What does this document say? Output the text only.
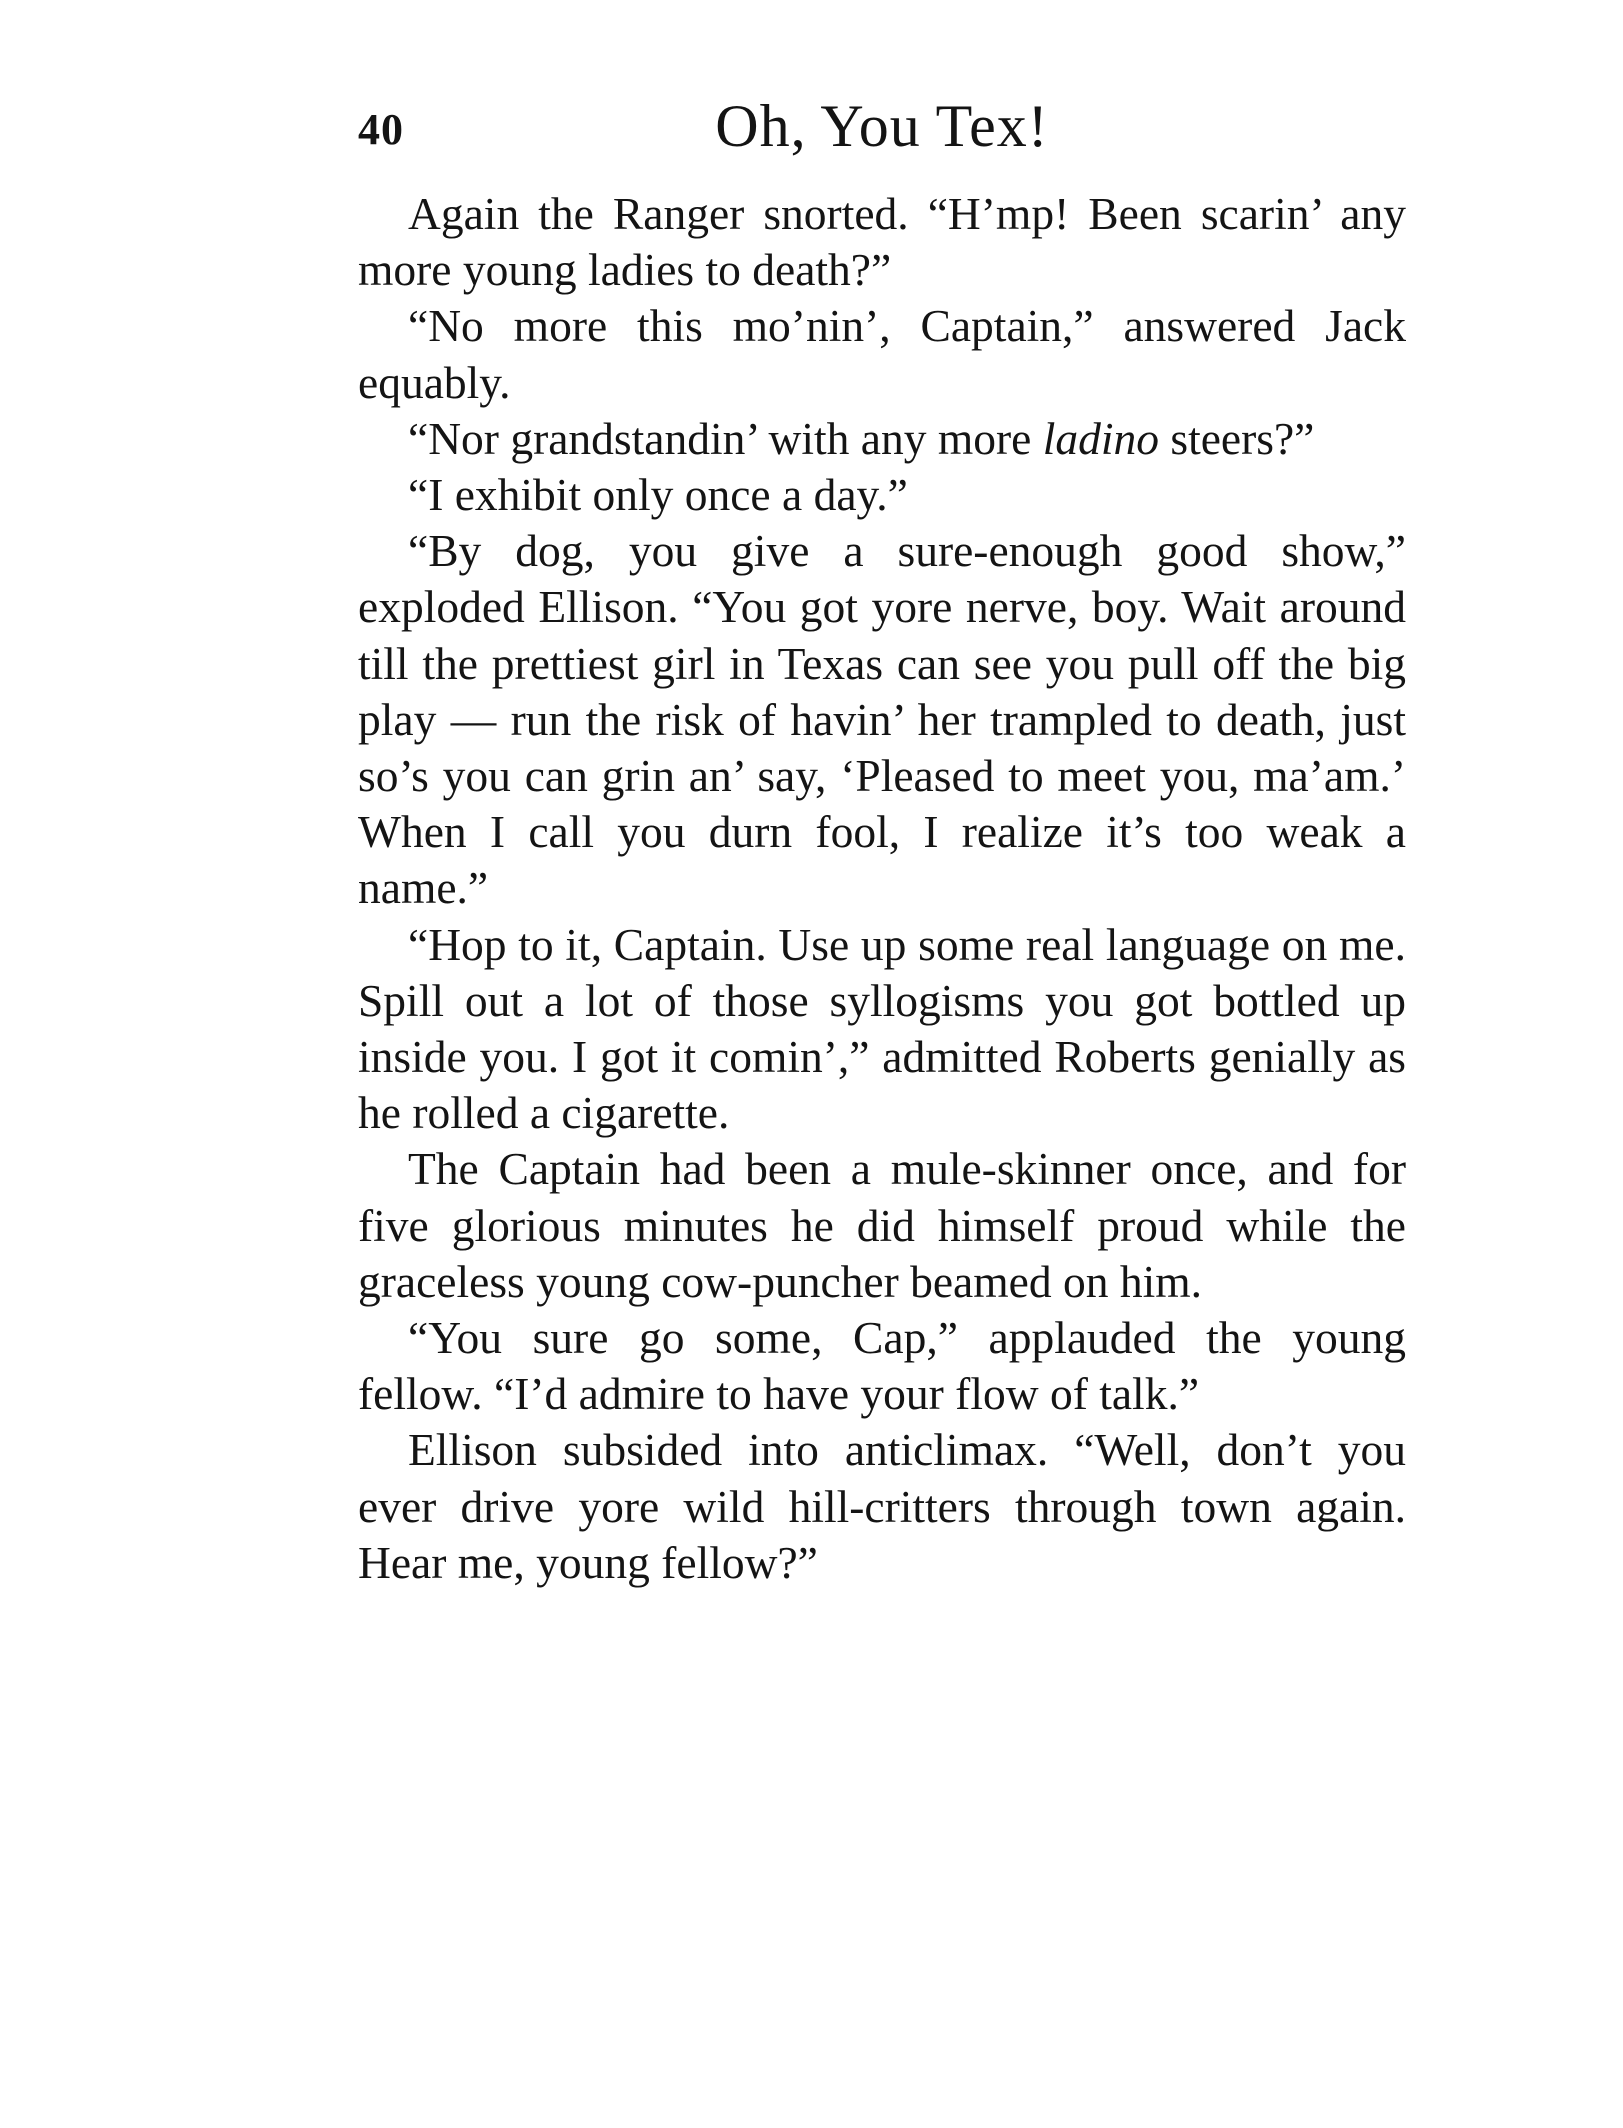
40	Oh, You Tex!

Again the Ranger snorted. “H’mp! Been scarin’ any more young ladies to death?”

“No more this mo’nin’, Captain,” answered Jack equably.

“Nor grandstandin’ with any more ladino steers?”

“I exhibit only once a day.”

“By dog, you give a sure-enough good show,” exploded Ellison. “You got yore nerve, boy. Wait around till the prettiest girl in Texas can see you pull off the big play — run the risk of havin’ her trampled to death, just so’s you can grin an’ say, ‘Pleased to meet you, ma’am.’ When I call you durn fool, I realize it’s too weak a name.”

“Hop to it, Captain. Use up some real language on me. Spill out a lot of those syllogisms you got bottled up inside you. I got it comin’,” admitted Roberts genially as he rolled a cigarette.

The Captain had been a mule-skinner once, and for five glorious minutes he did himself proud while the graceless young cow-puncher beamed on him.

“You sure go some, Cap,” applauded the young fellow. “I’d admire to have your flow of talk.”

Ellison subsided into anticlimax. “Well, don’t you ever drive yore wild hill-critters through town again. Hear me, young fellow?”
